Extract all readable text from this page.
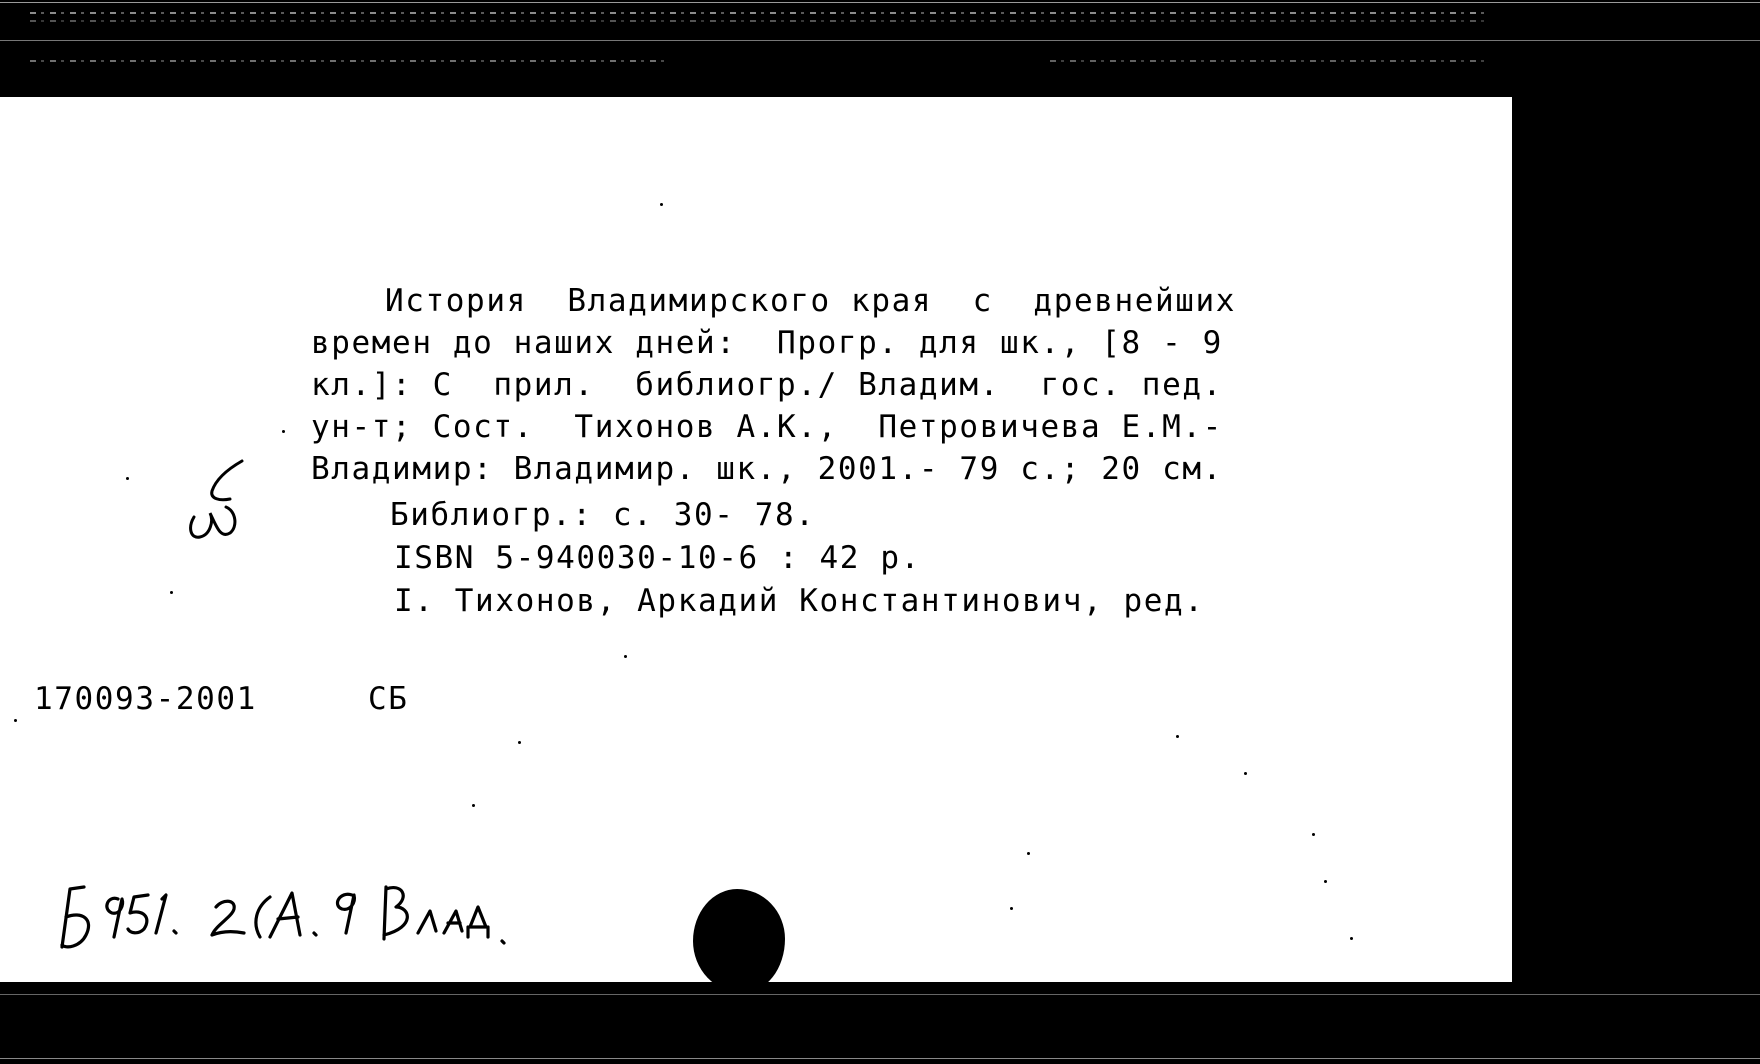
История  Владимирского края  с  древнейших
времен до наших дней:  Прогр. для шк., [8 - 9
кл.]: С  прил.  библиогр./ Владим.  гос. пед.
ун-т; Сост.  Тихонов А.К.,  Петровичева Е.М.-
Владимир: Владимир. шк., 2001.- 79 с.; 20 см.
Библиогр.: с. 30- 78.
ISBN 5-940030-10-6 : 42 р.
I. Тихонов, Аркадий Константинович, ред.
170093-2001	СБ
